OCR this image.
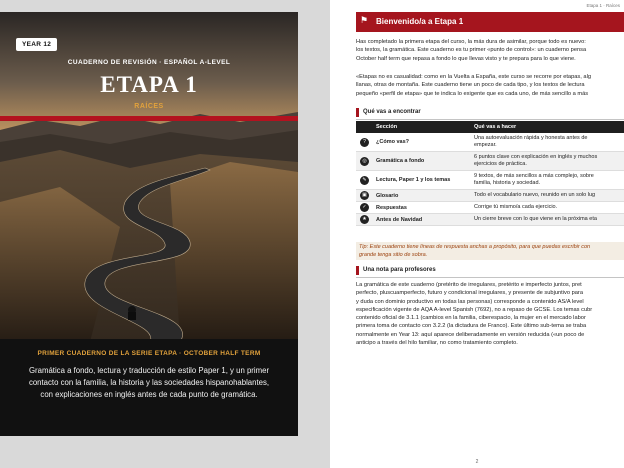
YEAR 12
CUADERNO DE REVISIÓN · ESPAÑOL A-LEVEL
ETAPA 1
RAÍCES
PRIMER CUADERNO DE LA SERIE ETAPA · OCTOBER HALF TERM
Gramática a fondo, lectura y traducción de estilo Paper 1, y un primer
contacto con la familia, la historia y las sociedades hispanohablantes,
con explicaciones en inglés antes de cada punto de gramática.
Etapa 1 · Raíces
⚑ Bienvenido/a a Etapa 1
Has completado la primera etapa del curso, la más dura de asimilar, porque todo es nuevo:
los textos, la gramática. Este cuaderno es tu primer «punto de control»: un cuaderno pensa
October half term que repasa a fondo lo que llevas visto y te prepara para lo que viene.
«Etapas no es casualidad: como en la Vuelta a España, este curso se recorre por etapas, alg
llanas, otras de montaña. Este cuaderno tiene un poco de cada tipo, y los textos de lectura
pequeño «perfil de etapa» que te indica lo exigente que es cada uno, de más sencillo a más
Qué vas a encontrar
	Sección	Qué vas a hacer
?	¿Cómo vas?	Una autoevaluación rápida y honesta antes de
empezar.

◎	Gramática a fondo	6 puntos clave con explicación en inglés y muchos
ejercicios de práctica.

✎	Lectura, Paper 1 y los temas	9 textos, de más sencillos a más complejo, sobre
familia, historia y sociedad.

▣	Glosario	Todo el vocabulario nuevo, reunido en un solo lug

✓	Respuestas	Corrige tú mismo/a cada ejercicio.

★	Antes de Navidad	Un cierre breve con lo que viene en la próxima eta
Tip: Este cuaderno tiene líneas de respuesta anchas a propósito, para que puedas escribir con
grande tenga sitio de sobra.
Una nota para profesores
La gramática de este cuaderno (pretérito de irregulares, pretérito e imperfecto juntos, pret
perfecto, pluscuamperfecto, futuro y condicional irregulares, y presente de subjuntivo para
y duda con dominio productivo en todas las personas) corresponde a contenido AS/A level
especificación vigente de AQA A-level Spanish (7692), no a repaso de GCSE. Los temas cubr
contenido oficial de 3.1.1 (cambios en la familia, ciberespacio, la mujer en el mercado labor
primera toma de contacto con 3.2.2 (la dictadura de Franco). Este último sub-tema se traba
normalmente en Year 13: aquí aparece deliberadamente en versión reducida («un poco de
anticipo a través del hilo familiar, no como tratamiento completo.
2
